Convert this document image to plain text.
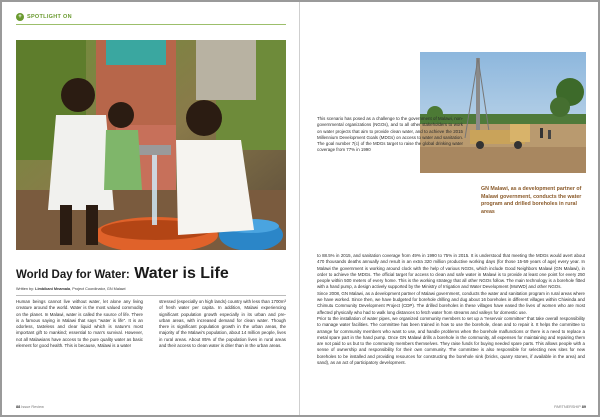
+ SPOTLIGHT ON
World Day for Water: Water is Life
Written by: Limbikani Mnamala, Project Coordinator, GN Malawi

Human beings cannot live without water, let alone any living creature around the world. Water is the most valued commodity on the planet. In Malawi, water is called the source of life. There is a famous saying in Malawi that says "water is life". It is an odorless, tasteless and clear liquid which is nature's most important gift to mankind; essential to man's survival. However, not all Malawians have access to the pure quality water as basic element for good health. This is because, Malawi is a water

stressed (especially on high lands) country with less than 1700m³ of fresh water per capita. In addition, Malawi experiencing significant population growth especially in its urban and pre-urban areas, with increased demand for clean water. Though there is significant population growth in the urban areas, the majority of the Malawi's population, about 14 million people, lives in rural areas. About 85% of the population lives in rural areas and their access to clean water is drier than in the urban areas.

88 Issue Review

This scenario has posed as a challenge to the government of Malawi, non-governmental organizations (NGOs), and to all other stakeholders to work on water projects that aim to provide clean water, and to achieve the 2015 Millennium Development Goals (MDGs) on access to water and sanitation. The goal number 7(c) of the MDGs target to raise the global drinking water coverage from 77% in 1990

GN Malawi, as a development partner of Malawi government, conducts the water program and drilled boreholes in rural areas

to 88.5% in 2015, and sanitation coverage from 49% in 1990 to 75% in 2015. It is understood that meeting the MDGs would avert about 470 thousands deaths annually and result in an extra 320 million productive working days (for those 15-59 years of age) every year. In Malawi the government is working around clock with the help of various NGOs, which include Good Neighbors Malawi (GN Malawi), in order to achieve the MDGs. The official target for access to clean and safe water in Malawi is to provide at least one point for every 250 people within 500 meters of every home. This is the working strategy that all other NGOs follow. The main technology is a borehole fitted with a hand pump, a design actively supported by the Ministry of Irrigation and Water Development (MoIWD) and other NGOs.

Since 2008, GN Malawi, as a development partner of Malawi government, conducts the water and sanitation program in rural areas where we have worked. Since then, we have budgeted for borehole drilling and dug about 16 boreholes in different villages within Chiwinda and Chimutu Community Development Project (CDP). The drilled boreholes in these villages have eased the lives of women who are most affected physically who had to walk long distances to fetch water from streams and valleys for domestic use.

Prior to the installation of water pipes, we organized community members to set up a "reservoir committee" that take overall responsibility to manage water facilities. The committee has been trained in how to use the borehole, clean and to repair it. It helps the committee to arrange for community members who want to use, and handle problems when the borehole malfunctions or there is a need to replace a metal spare part in the hand pump. Once GN Malawi drills a borehole in the community, all expenses for maintaining and repairing them are not paid to us but to the community members themselves. They raise funds for buying needed spare parts. This allows people with a sense of ownership and responsibility for their own community. The committee is also responsible for selecting new sites for new boreholes to be installed and providing resources for constructing the borehole sink (bricks, quarry stones, if available in the area) and sand), as an act of participatory development.

PARTNERSHIP 89
